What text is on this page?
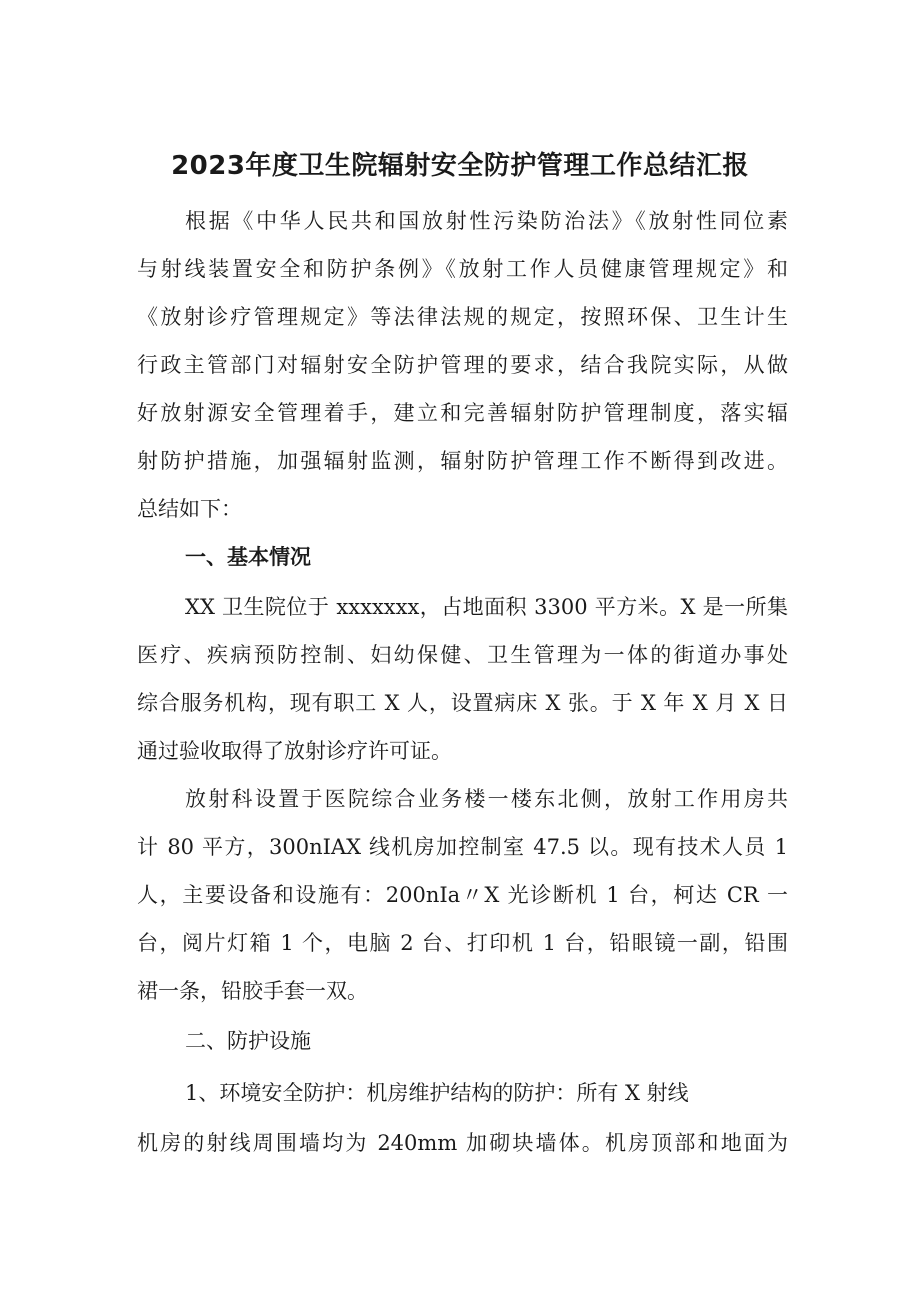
2023年度卫生院辐射安全防护管理工作总结汇报
根据《中华人民共和国放射性污染防治法》《放射性同位素
与射线装置安全和防护条例》《放射工作人员健康管理规定》和
《放射诊疗管理规定》等法律法规的规定，按照环保、卫生计生
行政主管部门对辐射安全防护管理的要求，结合我院实际，从做
好放射源安全管理着手，建立和完善辐射防护管理制度，落实辐
射防护措施，加强辐射监测，辐射防护管理工作不断得到改进。
总结如下：
一、基本情况
XX 卫生院位于 xxxxxxx，占地面积 3300 平方米。X 是一所集
医疗、疾病预防控制、妇幼保健、卫生管理为一体的街道办事处
综合服务机构，现有职工 X 人，设置病床 X 张。于 X 年 X 月 X 日
通过验收取得了放射诊疗许可证。
放射科设置于医院综合业务楼一楼东北侧，放射工作用房共
计 80 平方，300nIAX 线机房加控制室 47.5 以。现有技术人员 1
人，主要设备和设施有：200nIa〃X 光诊断机 1 台，柯达 CR 一
台，阅片灯箱 1 个，电脑 2 台、打印机 1 台，铅眼镜一副，铅围
裙一条，铅胶手套一双。
二、防护设施
1、环境安全防护：机房维护结构的防护：所有 X 射线
机房的射线周围墙均为 240mm 加砌块墙体。机房顶部和地面为
